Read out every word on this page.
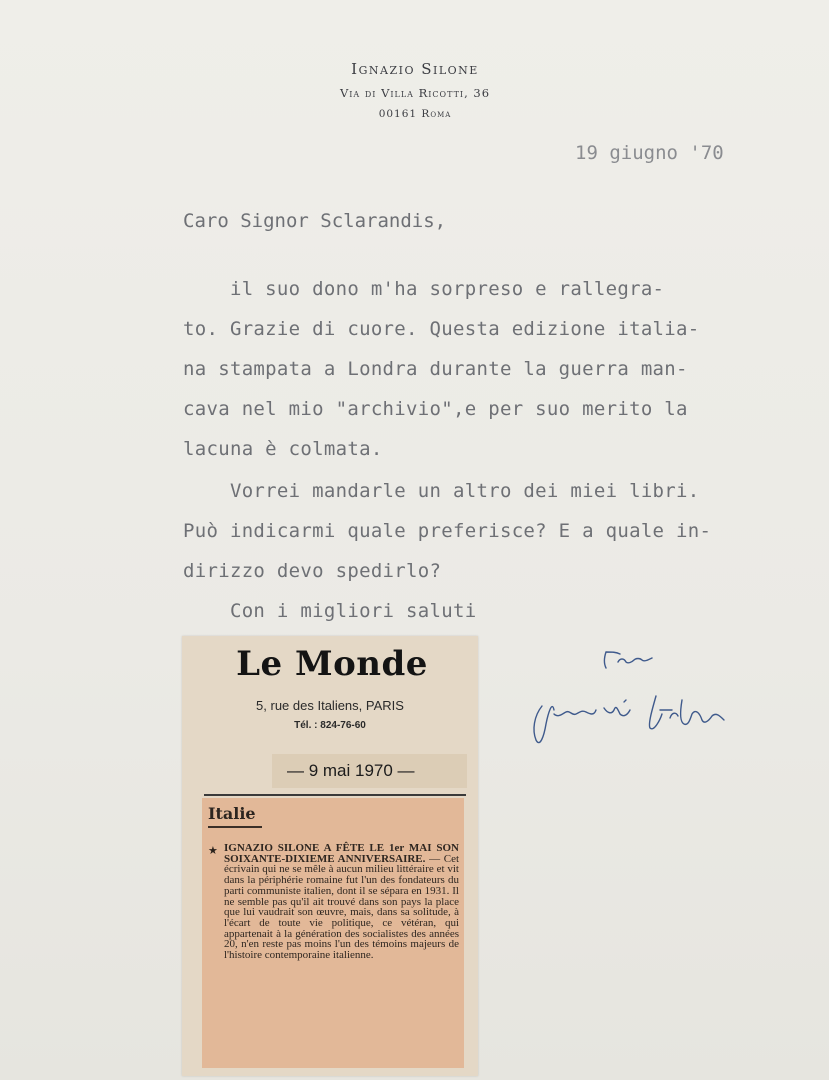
Ignazio Silone
Via di Villa Ricotti, 36
00161 Roma
19 giugno '70
Caro Signor Sclarandis,
il suo dono m'ha sorpreso e rallegra-
to. Grazie di cuore. Questa edizione italia-
na stampata a Londra durante la guerra man-
cava nel mio "archivio",e per suo merito la
lacuna è colmata.
Vorrei mandarle un altro dei miei libri.
Può indicarmi quale preferisce? E a quale in-
dirizzo devo spedirlo?
Con i migliori saluti
Le Monde
5, rue des Italiens, PARIS
Tél. : 824-76-60
— 9 mai 1970 —
Italie
★ IGNAZIO SILONE A FÊTE LE 1er MAI SON SOIXANTE-DIXIEME ANNIVERSAIRE. — Cet écrivain qui ne se mêle à aucun milieu littéraire et vit dans la périphérie romaine fut l'un des fondateurs du parti communiste italien, dont il se sépara en 1931. Il ne semble pas qu'il ait trouvé dans son pays la place que lui vaudrait son œuvre, mais, dans sa solitude, à l'écart de toute vie politique, ce vétéran, qui appartenait à la génération des socialistes des années 20, n'en reste pas moins l'un des témoins majeurs de l'histoire contemporaine italienne.
